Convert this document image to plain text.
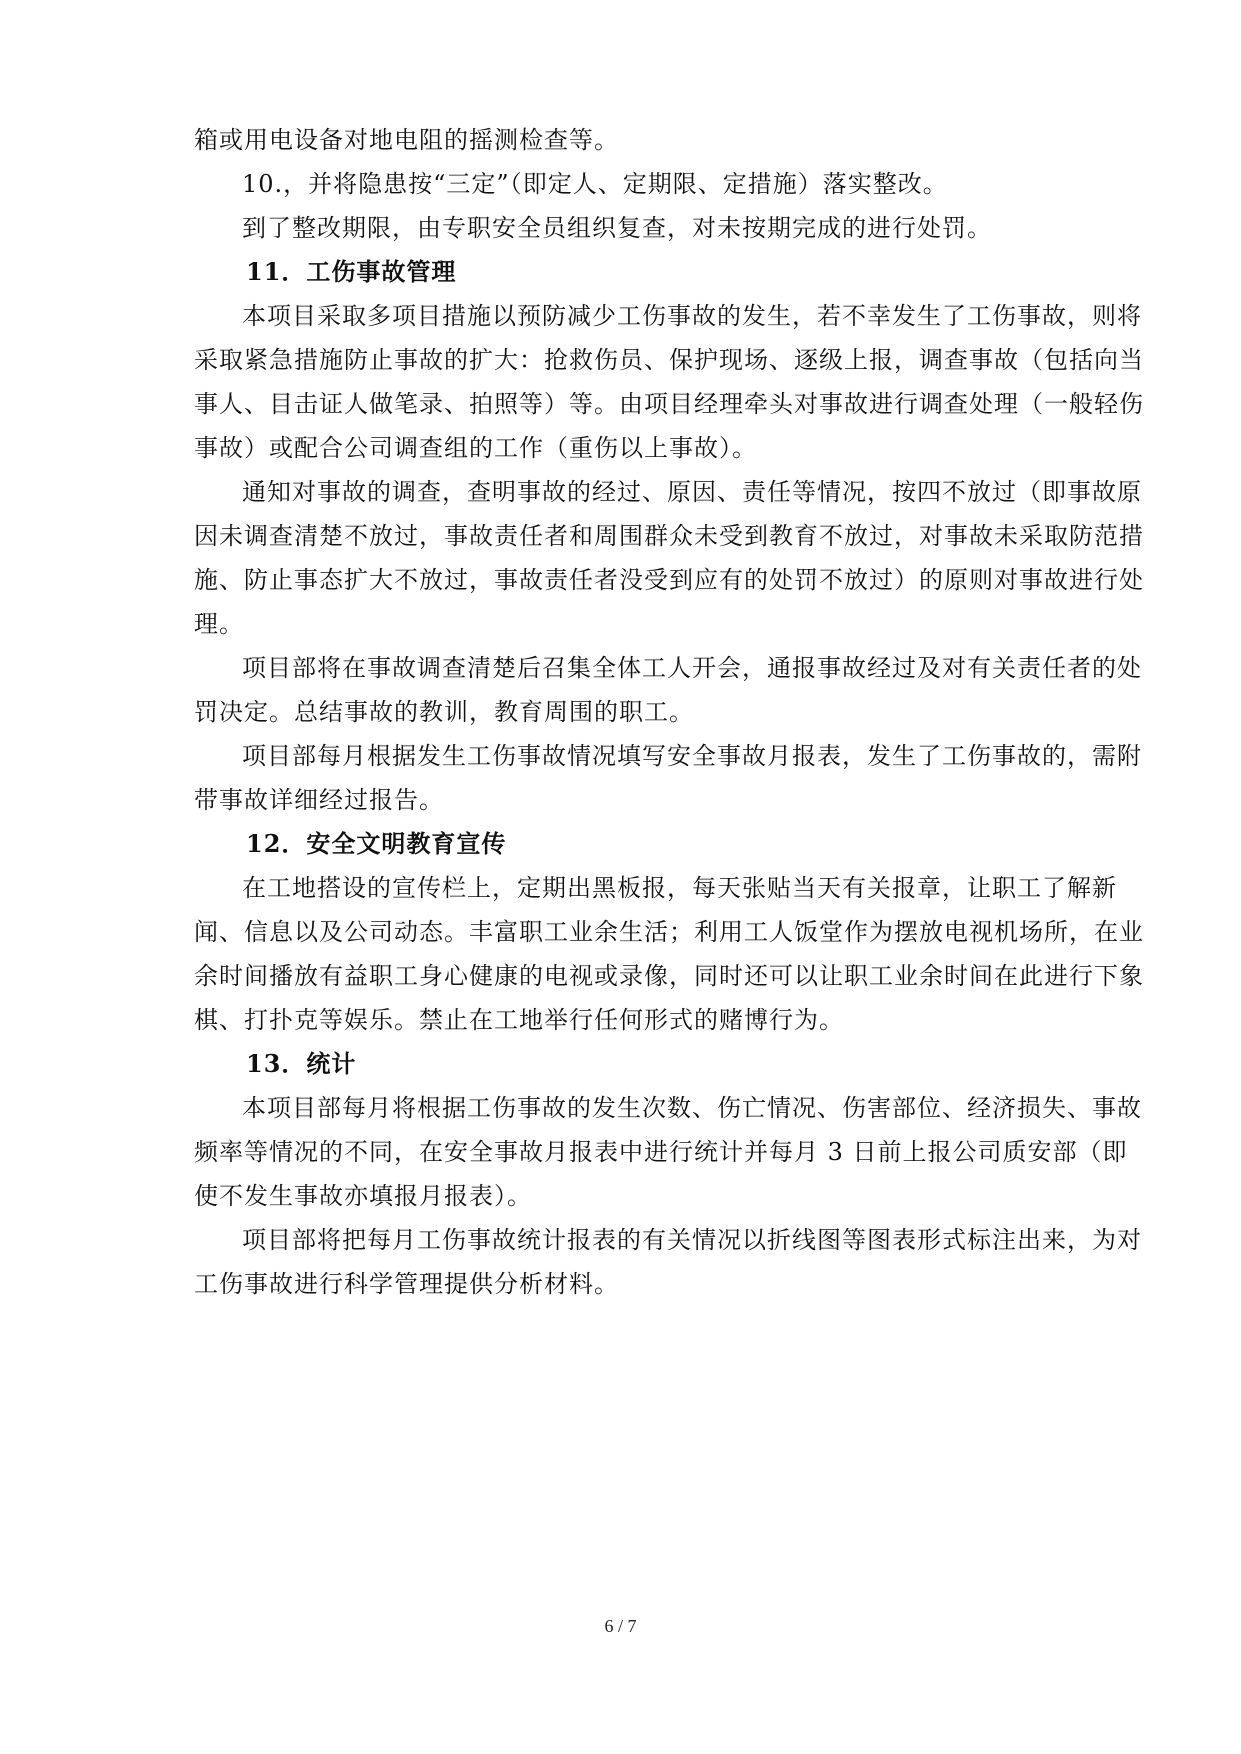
箱或用电设备对地电阻的摇测检查等。

10.，并将隐患按“三定”（即定人、定期限、定措施）落实整改。

到了整改期限，由专职安全员组织复查，对未按期完成的进行处罚。

11．工伤事故管理

本项目采取多项目措施以预防减少工伤事故的发生，若不幸发生了工伤事故，则将采取紧急措施防止事故的扩大：抢救伤员、保护现场、逐级上报，调查事故（包括向当事人、目击证人做笔录、拍照等）等。由项目经理牵头对事故进行调查处理（一般轻伤事故）或配合公司调查组的工作（重伤以上事故）。

通知对事故的调查，查明事故的经过、原因、责任等情况，按四不放过（即事故原因未调查清楚不放过，事故责任者和周围群众未受到教育不放过，对事故未采取防范措施、防止事态扩大不放过，事故责任者没受到应有的处罚不放过）的原则对事故进行处理。

项目部将在事故调查清楚后召集全体工人开会，通报事故经过及对有关责任者的处罚决定。总结事故的教训，教育周围的职工。

项目部每月根据发生工伤事故情况填写安全事故月报表，发生了工伤事故的，需附带事故详细经过报告。

12．安全文明教育宣传

在工地搭设的宣传栏上，定期出黑板报，每天张贴当天有关报章，让职工了解新闻、信息以及公司动态。丰富职工业余生活；利用工人饭堂作为摆放电视机场所，在业余时间播放有益职工身心健康的电视或录像，同时还可以让职工业余时间在此进行下象棋、打扑克等娱乐。禁止在工地举行任何形式的赌博行为。

13．统计

本项目部每月将根据工伤事故的发生次数、伤亡情况、伤害部位、经济损失、事故频率等情况的不同，在安全事故月报表中进行统计并每月 3 日前上报公司质安部（即使不发生事故亦填报月报表）。

项目部将把每月工伤事故统计报表的有关情况以折线图等图表形式标注出来，为对工伤事故进行科学管理提供分析材料。

6 / 7
